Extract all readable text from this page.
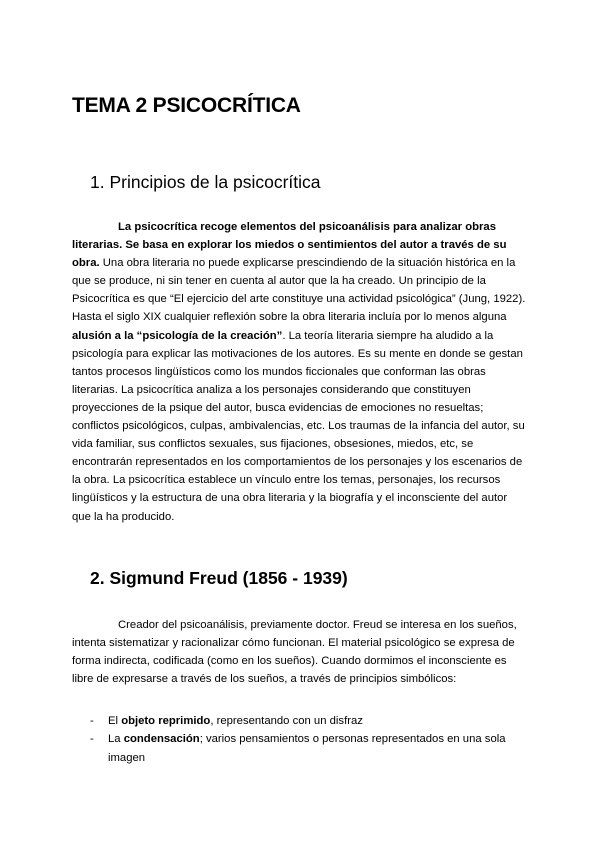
TEMA 2 PSICOCRÍTICA
1. Principios de la psicocrítica

La psicocrítica recoge elementos del psicoanálisis para analizar obras literarias. Se basa en explorar los miedos o sentimientos del autor a través de su obra. Una obra literaria no puede explicarse prescindiendo de la situación histórica en la que se produce, ni sin tener en cuenta al autor que la ha creado. Un principio de la Psicocrítica es que “El ejercicio del arte constituye una actividad psicológica” (Jung, 1922). Hasta el siglo XIX cualquier reflexión sobre la obra literaria incluía por lo menos alguna alusión a la “psicología de la creación”. La teoría literaria siempre ha aludido a la psicología para explicar las motivaciones de los autores. Es su mente en donde se gestan tantos procesos lingüísticos como los mundos ficcionales que conforman las obras literarias. La psicocrítica analiza a los personajes considerando que constituyen proyecciones de la psique del autor, busca evidencias de emociones no resueltas; conflictos psicológicos, culpas, ambivalencias, etc. Los traumas de la infancia del autor, su vida familiar, sus conflictos sexuales, sus fijaciones, obsesiones, miedos, etc, se encontrarán representados en los comportamientos de los personajes y los escenarios de la obra. La psicocrítica establece un vínculo entre los temas, personajes, los recursos lingüísticos y la estructura de una obra literaria y la biografía y el inconsciente del autor que la ha producido.

2. Sigmund Freud (1856 - 1939)

Creador del psicoanálisis, previamente doctor. Freud se interesa en los sueños, intenta sistematizar y racionalizar cómo funcionan. El material psicológico se expresa de forma indirecta, codificada (como en los sueños). Cuando dormimos el inconsciente es libre de expresarse a través de los sueños, a través de principios simbólicos:

- El objeto reprimido, representando con un disfraz
- La condensación; varios pensamientos o personas representados en una sola imagen
